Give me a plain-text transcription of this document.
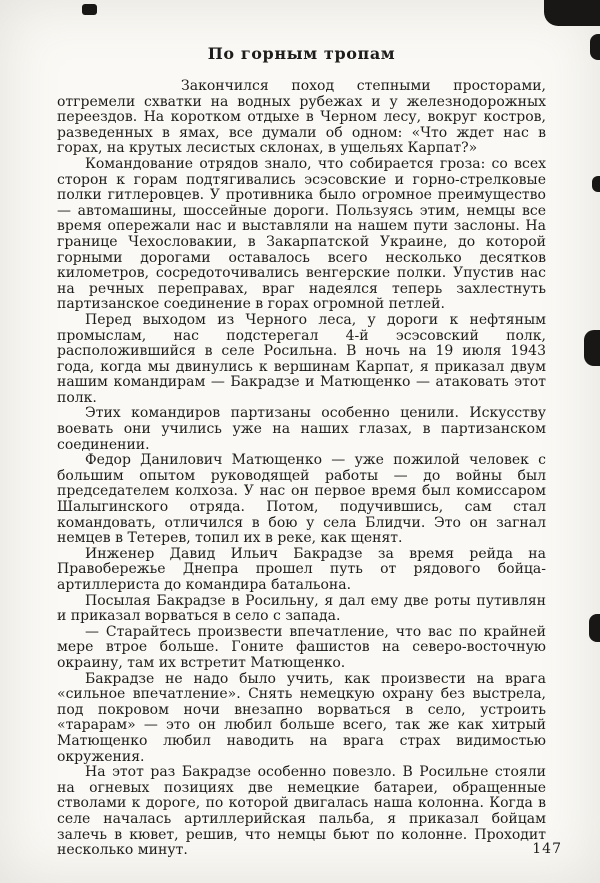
По горным тропам

Закончился поход степными просторами, отгремели схватки на водных рубежах и у железнодорожных переездов. На коротком отдыхе в Черном лесу, вокруг костров, разведенных в ямах, все думали об одном: «Что ждет нас в горах, на крутых лесистых склонах, в ущельях Карпат?»

Командование отрядов знало, что собирается гроза: со всех сторон к горам подтягивались эсэсовские и горно-стрелковые полки гитлеровцев. У противника было огромное преимущество — автомашины, шоссейные дороги. Пользуясь этим, немцы все время опережали нас и выставляли на нашем пути заслоны. На границе Чехословакии, в Закарпатской Украине, до которой горными дорогами оставалось всего несколько десятков километров, сосредоточивались венгерские полки. Упустив нас на речных переправах, враг надеялся теперь захлестнуть партизанское соединение в горах огромной петлей.

Перед выходом из Черного леса, у дороги к нефтяным промыслам, нас подстерегал 4-й эсэсовский полк, расположившийся в селе Росильна. В ночь на 19 июля 1943 года, когда мы двинулись к вершинам Карпат, я приказал двум нашим командирам — Бакрадзе и Матющенко — атаковать этот полк.

Этих командиров партизаны особенно ценили. Искусству воевать они учились уже на наших глазах, в партизанском соединении.

Федор Данилович Матющенко — уже пожилой человек с большим опытом руководящей работы — до войны был председателем колхоза. У нас он первое время был комиссаром Шалыгинского отряда. Потом, подучившись, сам стал командовать, отличился в бою у села Блидчи. Это он загнал немцев в Тетерев, топил их в реке, как щенят.

Инженер Давид Ильич Бакрадзе за время рейда на Правобережье Днепра прошел путь от рядового бойца-артиллериста до командира батальона.

Посылая Бакрадзе в Росильну, я дал ему две роты путивлян и приказал ворваться в село с запада.

— Старайтесь произвести впечатление, что вас по крайней мере втрое больше. Гоните фашистов на северо-восточную окраину, там их встретит Матющенко.

Бакрадзе не надо было учить, как произвести на врага «сильное впечатление». Снять немецкую охрану без выстрела, под покровом ночи внезапно ворваться в село, устроить «тарарам» — это он любил больше всего, так же как хитрый Матющенко любил наводить на врага страх видимостью окружения.

На этот раз Бакрадзе особенно повезло. В Росильне стояли на огневых позициях две немецкие батареи, обращенные стволами к дороге, по которой двигалась наша колонна. Когда в селе началась артиллерийская пальба, я приказал бойцам залечь в кювет, решив, что немцы бьют по колонне. Проходит несколько минут.	147
